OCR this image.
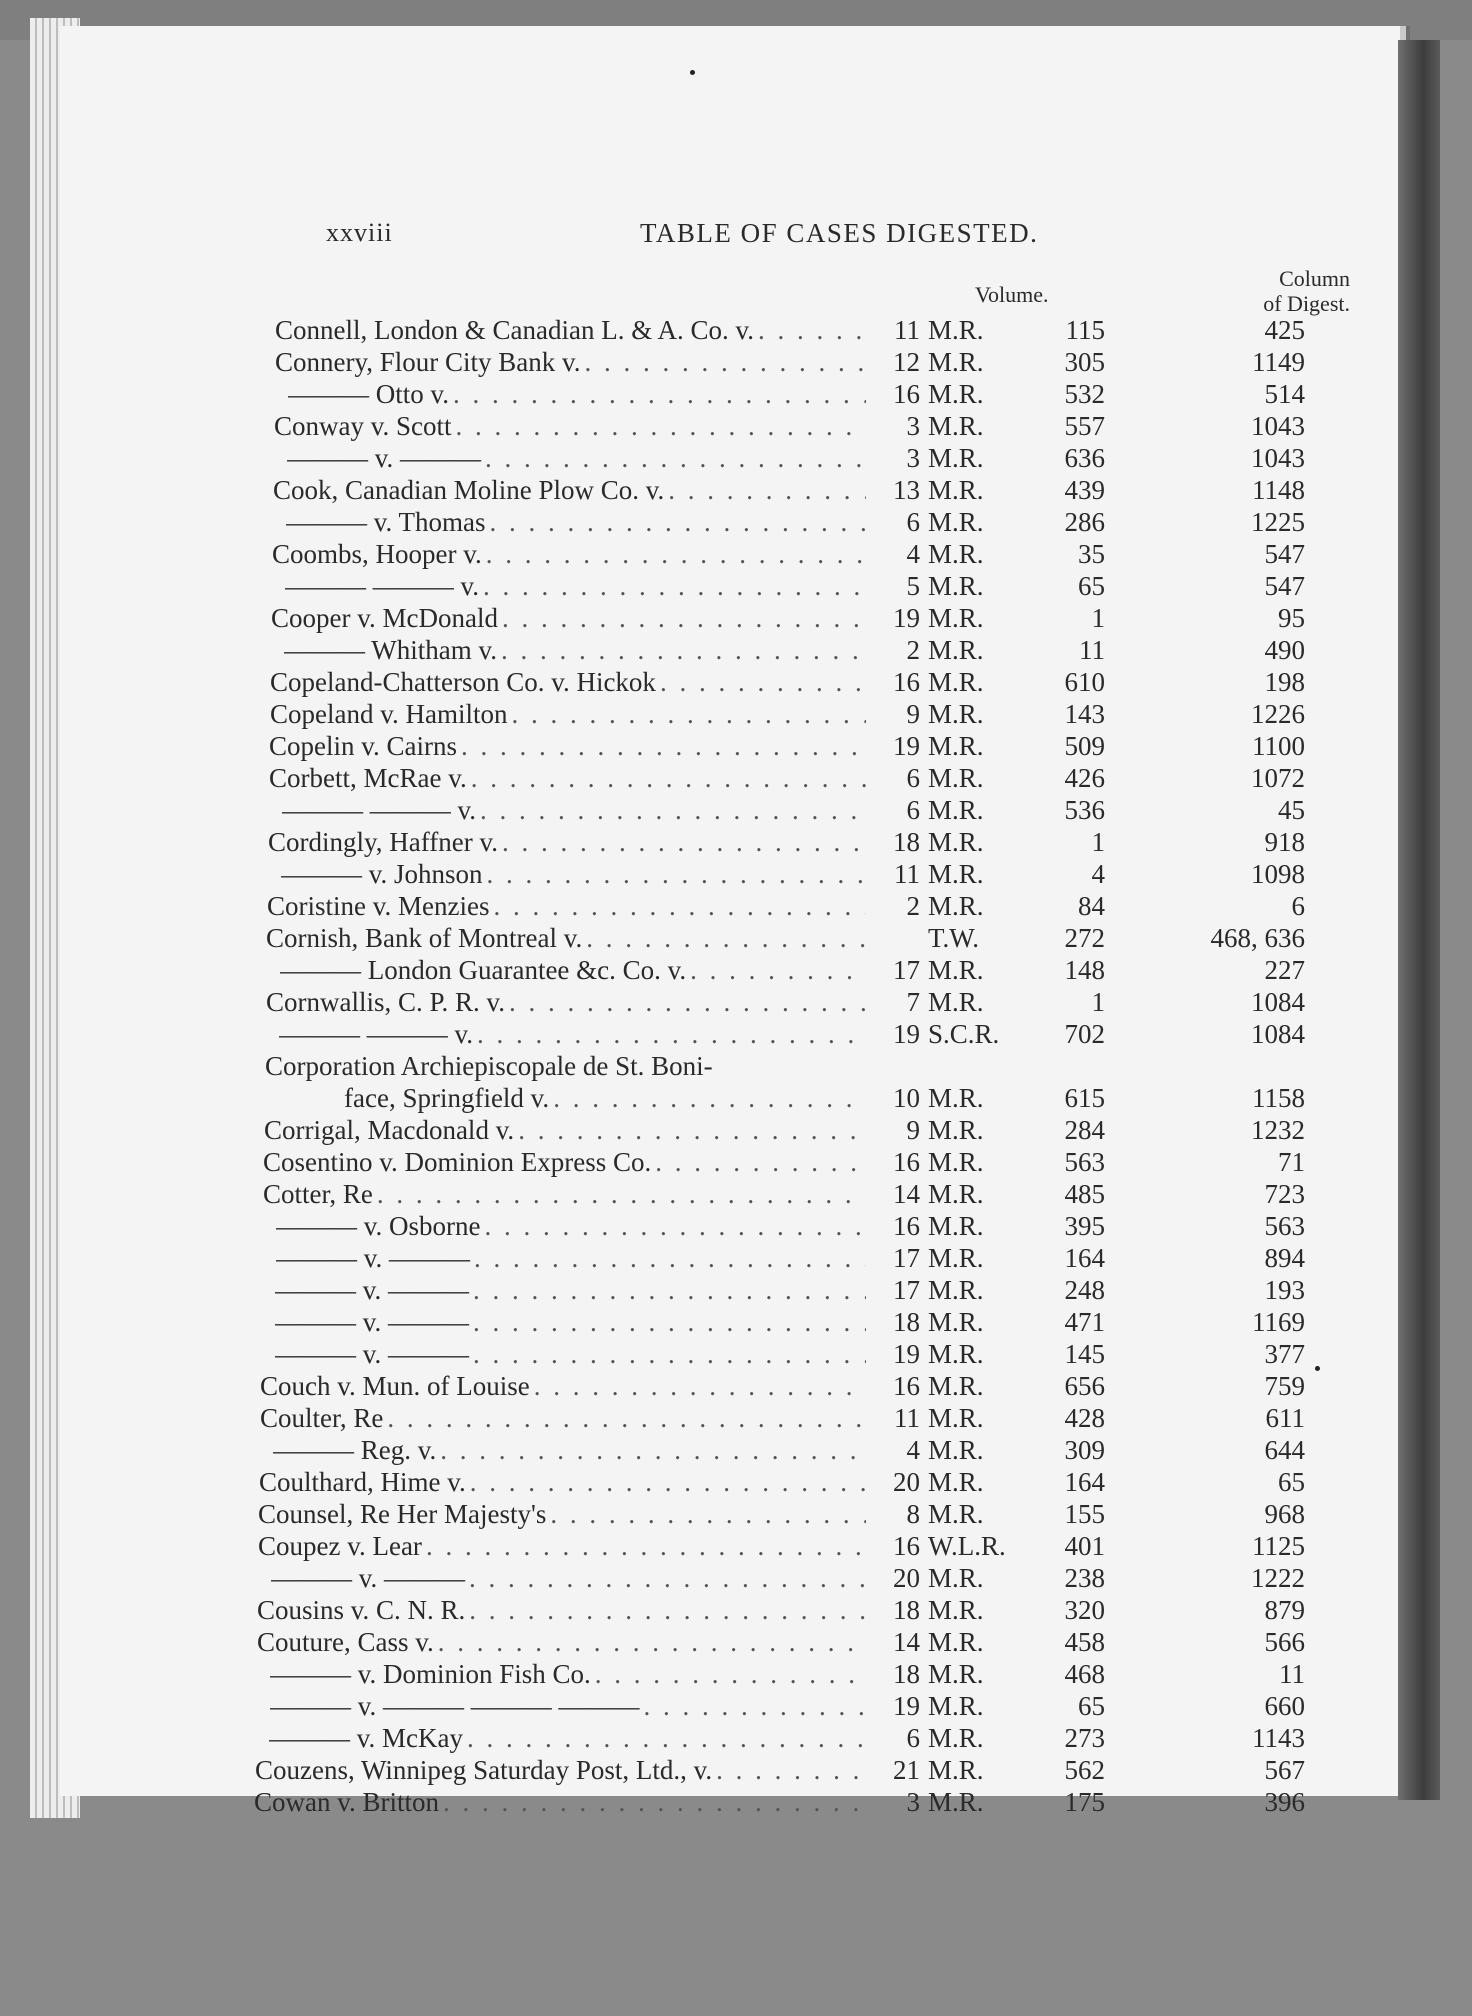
xxviii	TABLE OF CASES DIGESTED.
Volume.
Column
of Digest.
Connell, London & Canadian L. & A. Co. v. . . .	11 M.R.	115	425
Connery, Flour City Bank v. . . .	12 M.R.	305	1149
——— Otto v. . . .	16 M.R.	532	514
Conway v. Scott . . .	3 M.R.	557	1043
——— v. ——— . . .	3 M.R.	636	1043
Cook, Canadian Moline Plow Co. v. . . .	13 M.R.	439	1148
——— v. Thomas . . .	6 M.R.	286	1225
Coombs, Hooper v. . . .	4 M.R.	35	547
——— ——— v. . . .	5 M.R.	65	547
Cooper v. McDonald . . .	19 M.R.	1	95
——— Whitham v. . . .	2 M.R.	11	490
Copeland-Chatterson Co. v. Hickok . . .	16 M.R.	610	198
Copeland v. Hamilton . . .	9 M.R.	143	1226
Copelin v. Cairns . . .	19 M.R.	509	1100
Corbett, McRae v. . . .	6 M.R.	426	1072
——— ——— v. . . .	6 M.R.	536	45
Cordingly, Haffner v. . . .	18 M.R.	1	918
——— v. Johnson . . .	11 M.R.	4	1098
Coristine v. Menzies . . .	2 M.R.	84	6
Cornish, Bank of Montreal v. . . .	T.W.	272	468, 636
——— London Guarantee &c. Co. v. . . .	17 M.R.	148	227
Cornwallis, C. P. R. v. . . .	7 M.R.	1	1084
——— ——— v. . . .	19 S.C.R.	702	1084
Corporation Archiepiscopale de St. Boni-
face, Springfield v. . . .	10 M.R.	615	1158
Corrigal, Macdonald v. . . .	9 M.R.	284	1232
Cosentino v. Dominion Express Co. . . .	16 M.R.	563	71
Cotter, Re . . .	14 M.R.	485	723
——— v. Osborne . . .	16 M.R.	395	563
——— v. ——— . . .	17 M.R.	164	894
——— v. ——— . . .	17 M.R.	248	193
——— v. ——— . . .	18 M.R.	471	1169
——— v. ——— . . .	19 M.R.	145	377
Couch v. Mun. of Louise . . .	16 M.R.	656	759
Coulter, Re . . .	11 M.R.	428	611
——— Reg. v. . . .	4 M.R.	309	644
Coulthard, Hime v. . . .	20 M.R.	164	65
Counsel, Re Her Majesty's . . .	8 M.R.	155	968
Coupez v. Lear . . .	16 W.L.R.	401	1125
——— v. ——— . . .	20 M.R.	238	1222
Cousins v. C. N. R. . . .	18 M.R.	320	879
Couture, Cass v. . . .	14 M.R.	458	566
——— v. Dominion Fish Co. . . .	18 M.R.	468	11
——— v. ——— ——— ——— . . .	19 M.R.	65	660
——— v. McKay . . .	6 M.R.	273	1143
Couzens, Winnipeg Saturday Post, Ltd., v. . . .	21 M.R.	562	567
Cowan v. Britton . . .	3 M.R.	175	396
